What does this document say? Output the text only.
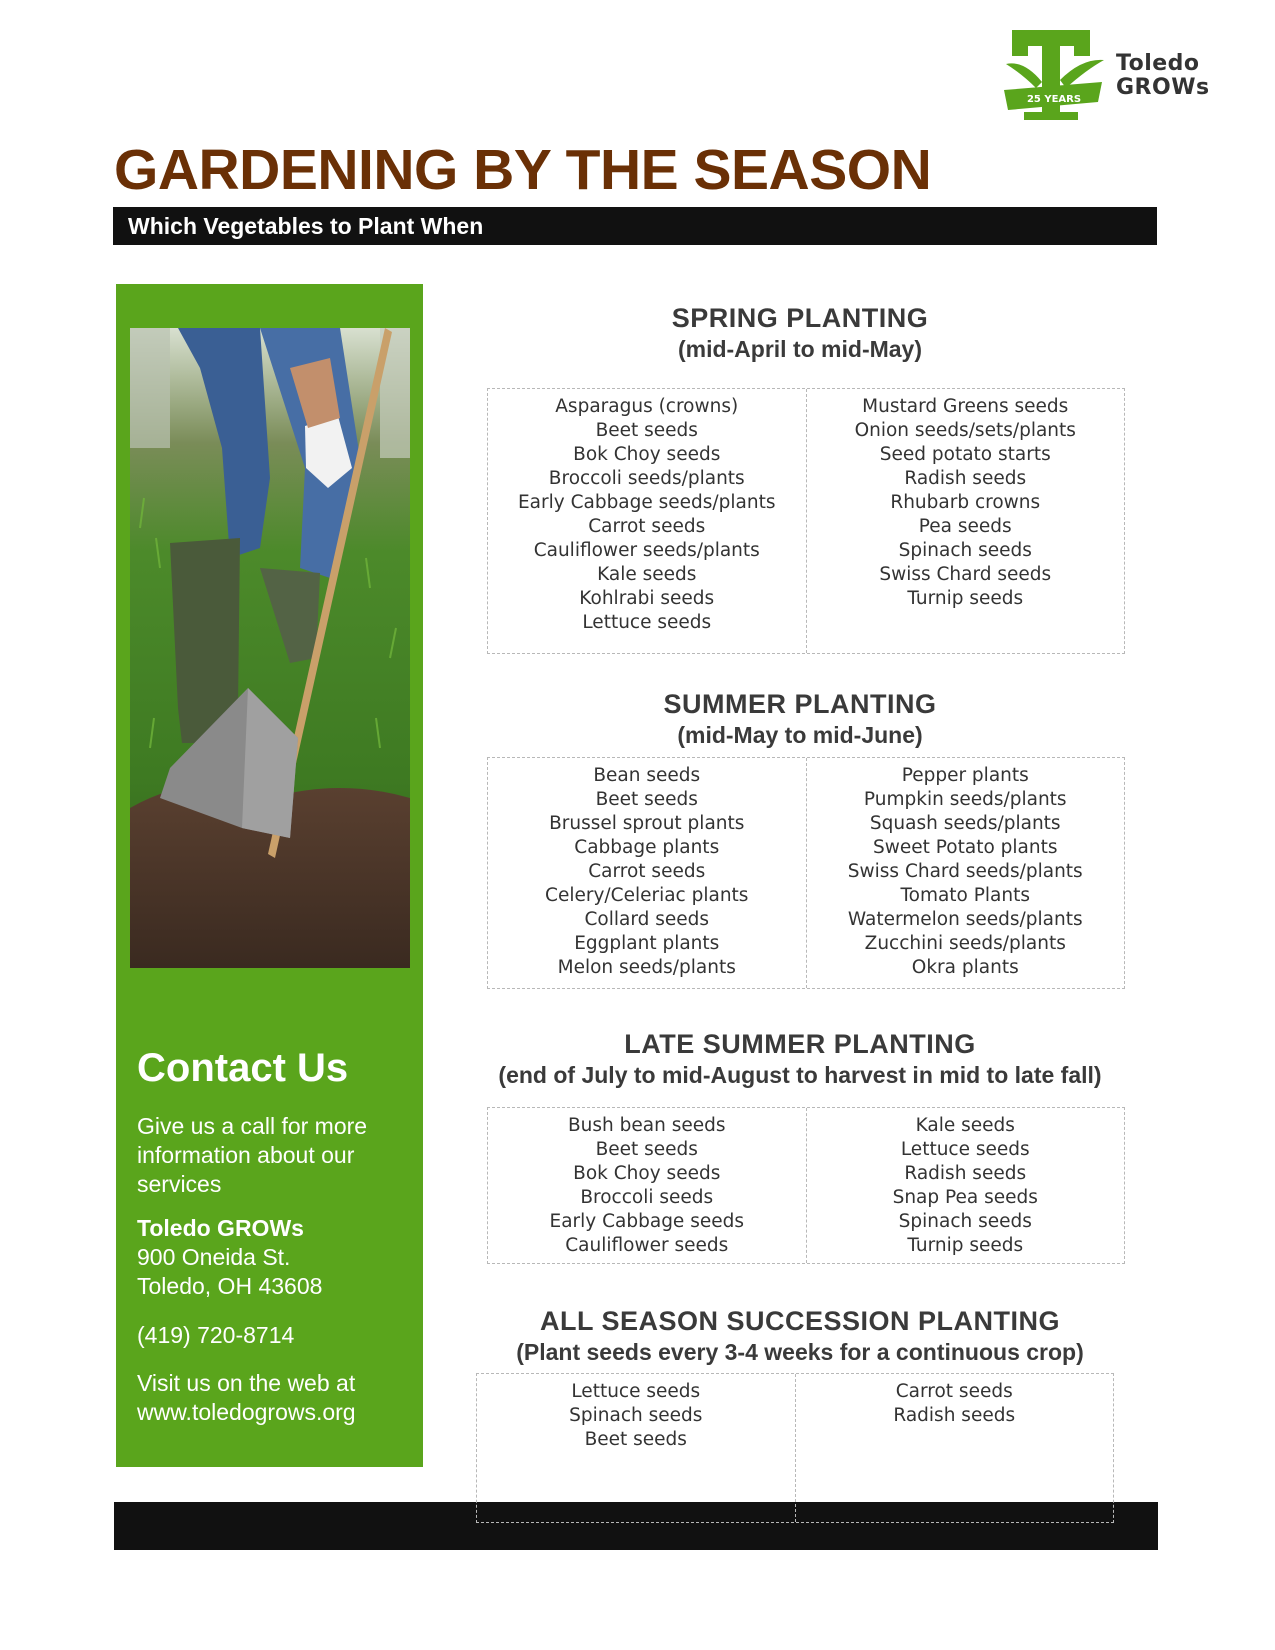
25 YEARS
Toledo
GROWs
GARDENING BY THE SEASON
Which Vegetables to Plant When
Contact Us
Give us a call for more information about our services
Toledo GROWs
900 Oneida St.
Toledo, OH 43608
(419) 720-8714
Visit us on the web at
www.toledogrows.org
SPRING PLANTING
(mid-April to mid-May)
Asparagus (crowns)
Beet seeds
Bok Choy seeds
Broccoli seeds/plants
Early Cabbage seeds/plants
Carrot seeds
Cauliflower seeds/plants
Kale seeds
Kohlrabi seeds
Lettuce seeds
Mustard Greens seeds
Onion seeds/sets/plants
Seed potato starts
Radish seeds
Rhubarb crowns
Pea seeds
Spinach seeds
Swiss Chard seeds
Turnip seeds
SUMMER PLANTING
(mid-May to mid-June)
Bean seeds
Beet seeds
Brussel sprout plants
Cabbage plants
Carrot seeds
Celery/Celeriac plants
Collard seeds
Eggplant plants
Melon seeds/plants
Pepper plants
Pumpkin seeds/plants
Squash seeds/plants
Sweet Potato plants
Swiss Chard seeds/plants
Tomato Plants
Watermelon seeds/plants
Zucchini seeds/plants
Okra plants
LATE SUMMER PLANTING
(end of July to mid-August to harvest in mid to late fall)
Bush bean seeds
Beet seeds
Bok Choy seeds
Broccoli seeds
Early Cabbage seeds
Cauliflower seeds
Kale seeds
Lettuce seeds
Radish seeds
Snap Pea seeds
Spinach seeds
Turnip seeds
ALL SEASON SUCCESSION PLANTING
(Plant seeds every 3-4 weeks for a continuous crop)
Lettuce seeds
Spinach seeds
Beet seeds
Carrot seeds
Radish seeds
